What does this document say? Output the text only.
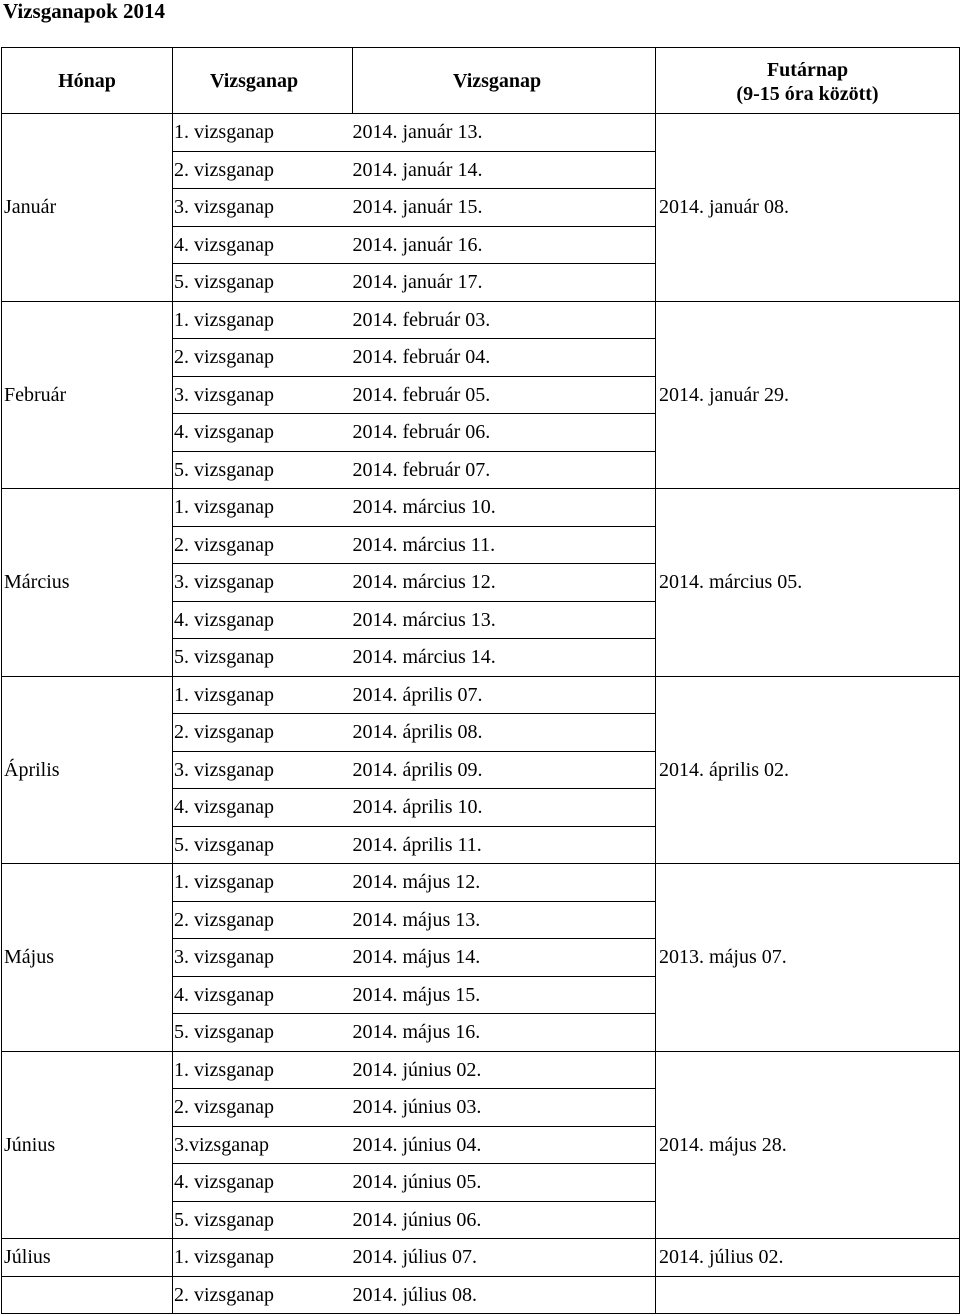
Vizsganapok 2014
Hónap	Vizsganap	Vizsganap	Futárnap
(9-15 óra között)
Január	1. vizsganap	2014. január 13.	2014. január 08.
	2. vizsganap	2014. január 14.	
	3. vizsganap	2014. január 15.	
	4. vizsganap	2014. január 16.	
	5. vizsganap	2014. január 17.	
Február	1. vizsganap	2014. február 03.	2014. január 29.
	2. vizsganap	2014. február 04.	
	3. vizsganap	2014. február 05.	
	4. vizsganap	2014. február 06.	
	5. vizsganap	2014. február 07.	
Március	1. vizsganap	2014. március 10.	2014. március 05.
	2. vizsganap	2014. március 11.	
	3. vizsganap	2014. március 12.	
	4. vizsganap	2014. március 13.	
	5. vizsganap	2014. március 14.	
Április	1. vizsganap	2014. április 07.	2014. április 02.
	2. vizsganap	2014. április 08.	
	3. vizsganap	2014. április 09.	
	4. vizsganap	2014. április 10.	
	5. vizsganap	2014. április 11.	
Május	1. vizsganap	2014. május 12.	2013. május 07.
	2. vizsganap	2014. május 13.	
	3. vizsganap	2014. május 14.	
	4. vizsganap	2014. május 15.	
	5. vizsganap	2014. május 16.	
Június	1. vizsganap	2014. június 02.	2014. május 28.
	2. vizsganap	2014. június 03.	
	3.vizsganap	2014. június 04.	
	4. vizsganap	2014. június 05.	
	5. vizsganap	2014. június 06.	
Július	1. vizsganap	2014. július 07.	2014. július 02.
	2. vizsganap	2014. július 08.	
